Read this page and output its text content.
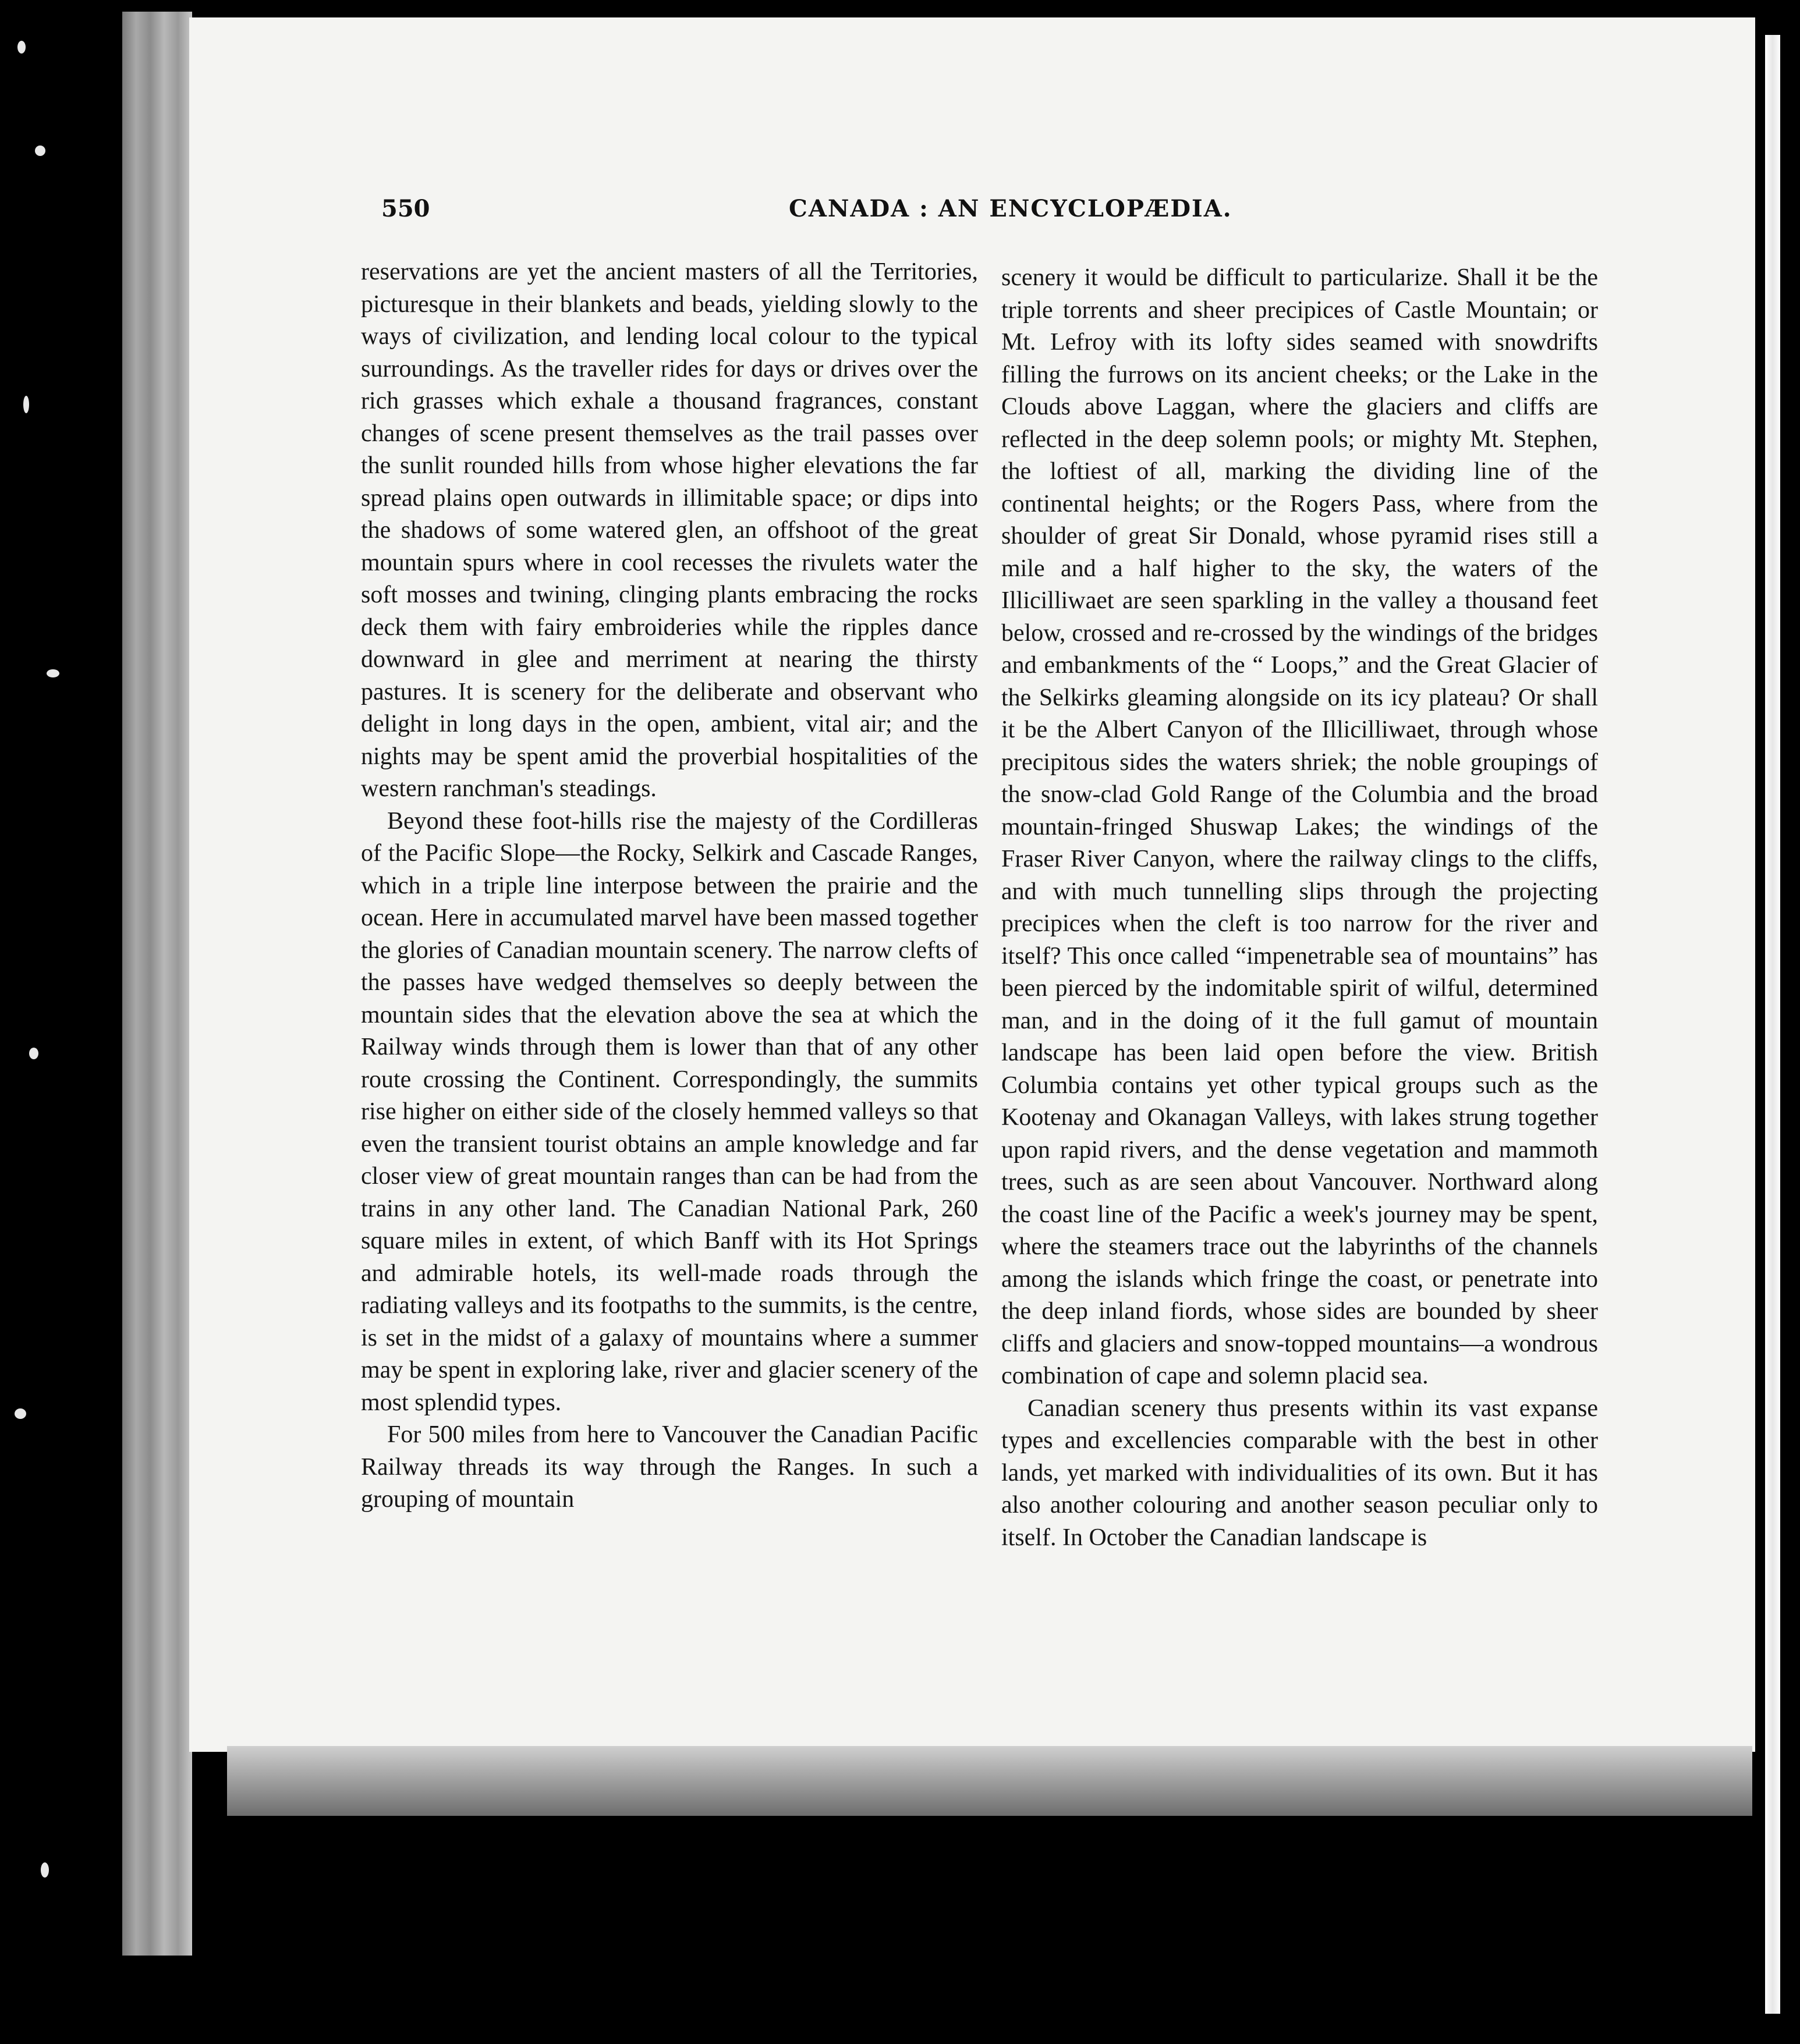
550	CANADA : AN ENCYCLOPÆDIA.

reservations are yet the ancient masters of all the Territories, picturesque in their blankets and beads, yielding slowly to the ways of civilization, and lending local colour to the typical surroundings. As the traveller rides for days or drives over the rich grasses which exhale a thousand fragrances, constant changes of scene present themselves as the trail passes over the sunlit rounded hills from whose higher elevations the far spread plains open outwards in illimitable space; or dips into the shadows of some watered glen, an offshoot of the great mountain spurs where in cool recesses the rivulets water the soft mosses and twining, clinging plants embracing the rocks deck them with fairy embroideries while the ripples dance downward in glee and merriment at nearing the thirsty pastures. It is scenery for the deliberate and observant who delight in long days in the open, ambient, vital air; and the nights may be spent amid the proverbial hospitalities of the western ranchman's steadings.

Beyond these foot-hills rise the majesty of the Cordilleras of the Pacific Slope—the Rocky, Selkirk and Cascade Ranges, which in a triple line interpose between the prairie and the ocean. Here in accumulated marvel have been massed together the glories of Canadian mountain scenery. The narrow clefts of the passes have wedged themselves so deeply between the mountain sides that the elevation above the sea at which the Railway winds through them is lower than that of any other route crossing the Continent. Correspondingly, the summits rise higher on either side of the closely hemmed valleys so that even the transient tourist obtains an ample knowledge and far closer view of great mountain ranges than can be had from the trains in any other land. The Canadian National Park, 260 square miles in extent, of which Banff with its Hot Springs and admirable hotels, its well-made roads through the radiating valleys and its footpaths to the summits, is the centre, is set in the midst of a galaxy of mountains where a summer may be spent in exploring lake, river and glacier scenery of the most splendid types.

For 500 miles from here to Vancouver the Canadian Pacific Railway threads its way through the Ranges. In such a grouping of mountain

scenery it would be difficult to particularize. Shall it be the triple torrents and sheer precipices of Castle Mountain; or Mt. Lefroy with its lofty sides seamed with snowdrifts filling the furrows on its ancient cheeks; or the Lake in the Clouds above Laggan, where the glaciers and cliffs are reflected in the deep solemn pools; or mighty Mt. Stephen, the loftiest of all, marking the dividing line of the continental heights; or the Rogers Pass, where from the shoulder of great Sir Donald, whose pyramid rises still a mile and a half higher to the sky, the waters of the Illicilliwaet are seen sparkling in the valley a thousand feet below, crossed and re-crossed by the windings of the bridges and embankments of the “ Loops,” and the Great Glacier of the Selkirks gleaming alongside on its icy plateau? Or shall it be the Albert Canyon of the Illicilliwaet, through whose precipitous sides the waters shriek; the noble groupings of the snow-clad Gold Range of the Columbia and the broad mountain-fringed Shuswap Lakes; the windings of the Fraser River Canyon, where the railway clings to the cliffs, and with much tunnelling slips through the projecting precipices when the cleft is too narrow for the river and itself? This once called “impenetrable sea of mountains” has been pierced by the indomitable spirit of wilful, determined man, and in the doing of it the full gamut of mountain landscape has been laid open before the view. British Columbia contains yet other typical groups such as the Kootenay and Okanagan Valleys, with lakes strung together upon rapid rivers, and the dense vegetation and mammoth trees, such as are seen about Vancouver. Northward along the coast line of the Pacific a week's journey may be spent, where the steamers trace out the labyrinths of the channels among the islands which fringe the coast, or penetrate into the deep inland fiords, whose sides are bounded by sheer cliffs and glaciers and snow-topped mountains—a wondrous combination of cape and solemn placid sea.

Canadian scenery thus presents within its vast expanse types and excellencies comparable with the best in other lands, yet marked with individualities of its own. But it has also another colouring and another season peculiar only to itself. In October the Canadian landscape is
